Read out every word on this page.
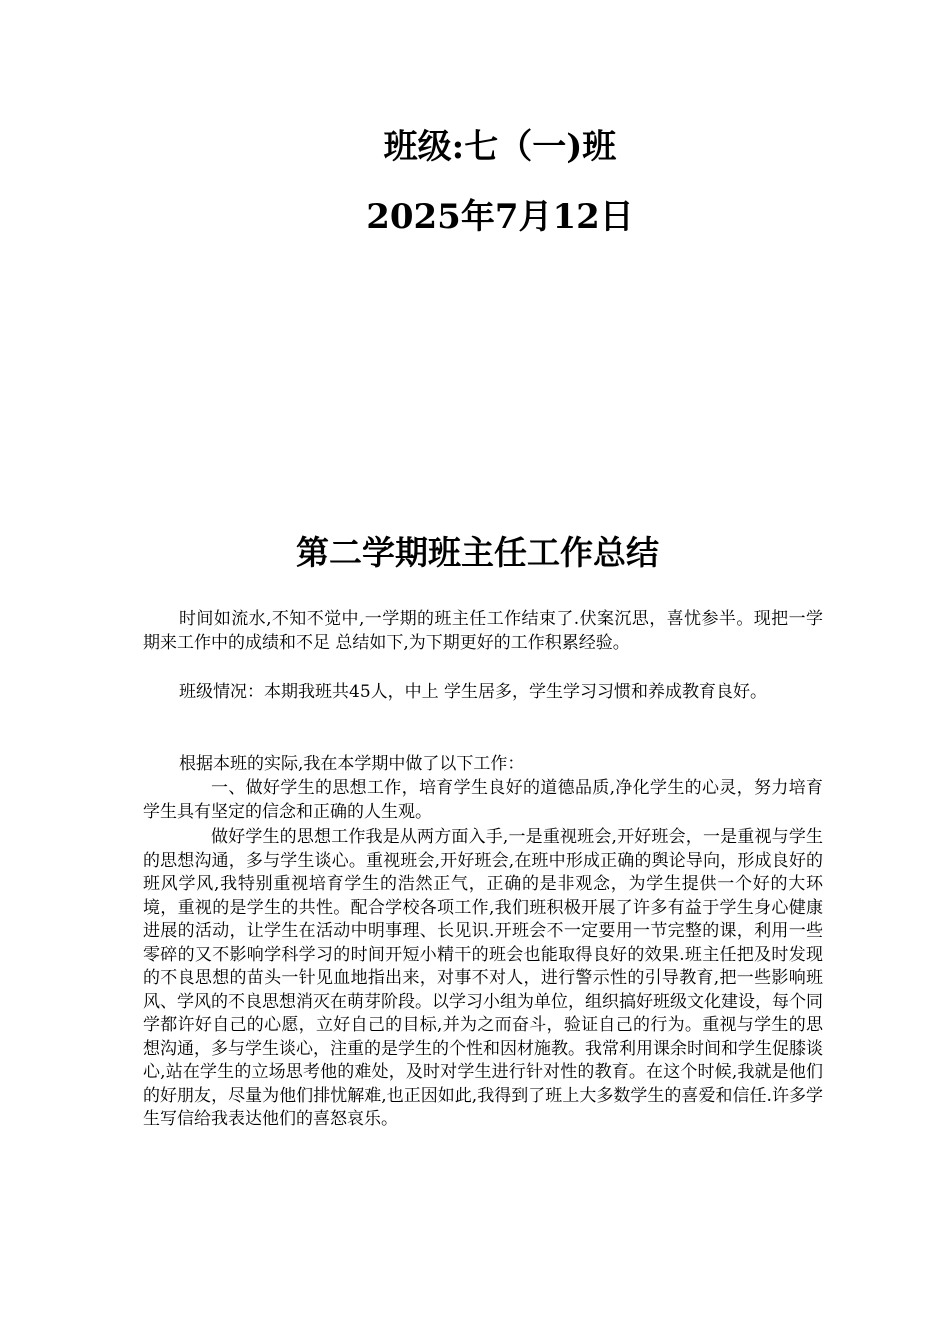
班级:七（一)班

2025年7月12日

第二学期班主任工作总结

时间如流水,不知不觉中,一学期的班主任工作结束了.伏案沉思，喜忧参半。现把一学期来工作中的成绩和不足 总结如下,为下期更好的工作积累经验。

班级情况：本期我班共45人，中上 学生居多，学生学习习惯和养成教育良好。

根据本班的实际,我在本学期中做了以下工作：

一、做好学生的思想工作，培育学生良好的道德品质,净化学生的心灵，努力培育学生具有坚定的信念和正确的人生观。

做好学生的思想工作我是从两方面入手,一是重视班会,开好班会，一是重视与学生的思想沟通，多与学生谈心。重视班会,开好班会,在班中形成正确的舆论导向，形成良好的班风学风,我特别重视培育学生的浩然正气，正确的是非观念，为学生提供一个好的大环境，重视的是学生的共性。配合学校各项工作,我们班积极开展了许多有益于学生身心健康进展的活动，让学生在活动中明事理、长见识.开班会不一定要用一节完整的课，利用一些零碎的又不影响学科学习的时间开短小精干的班会也能取得良好的效果.班主任把及时发现的不良思想的苗头一针见血地指出来，对事不对人，进行警示性的引导教育,把一些影响班风、学风的不良思想消灭在萌芽阶段。以学习小组为单位，组织搞好班级文化建设，每个同学都许好自己的心愿，立好自己的目标,并为之而奋斗，验证自己的行为。重视与学生的思想沟通，多与学生谈心，注重的是学生的个性和因材施教。我常利用课余时间和学生促膝谈心,站在学生的立场思考他的难处，及时对学生进行针对性的教育。在这个时候,我就是他们的好朋友，尽量为他们排忧解难,也正因如此,我得到了班上大多数学生的喜爱和信任.许多学生写信给我表达他们的喜怒哀乐。
